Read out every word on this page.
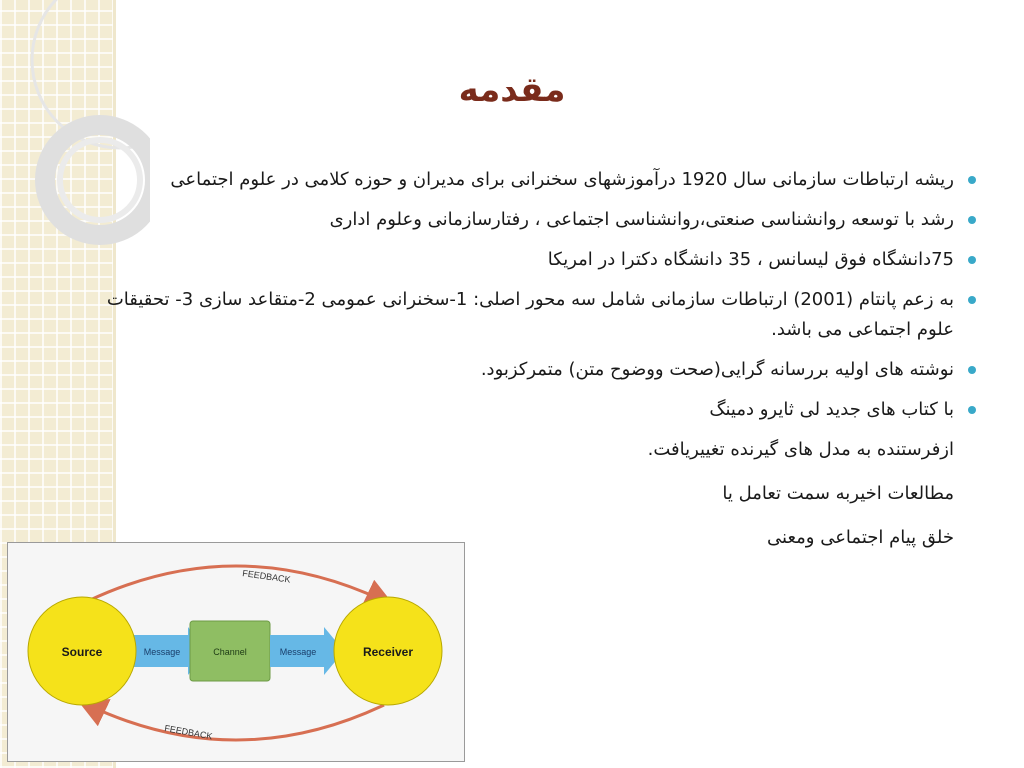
مقدمه
ریشه ارتباطات سازمانی سال 1920 درآموزشهای سخنرانی برای مدیران و حوزه کلامی در علوم اجتماعی
رشد با توسعه روانشناسی صنعتی،روانشناسی اجتماعی ، رفتارسازمانی وعلوم اداری
75دانشگاه فوق لیسانس ، 35 دانشگاه دکترا در امریکا
به زعم پانتام (2001) ارتباطات سازمانی شامل سه محور اصلی: 1-سخنرانی عمومی 2-متقاعد سازی 3- تحقیقات علوم اجتماعی می باشد.
نوشته های اولیه بررسانه گرایی(صحت ووضوح متن) متمرکزبود.
با کتاب های جدید لی ثایرو دمینگ

ازفرستنده به مدل های گیرنده تغییریافت.

مطالعات اخیربه سمت تعامل یا

خلق پیام اجتماعی ومعنی

FEEDBACK
FEEDBACK
Message	Channel	Message
Source	Receiver
